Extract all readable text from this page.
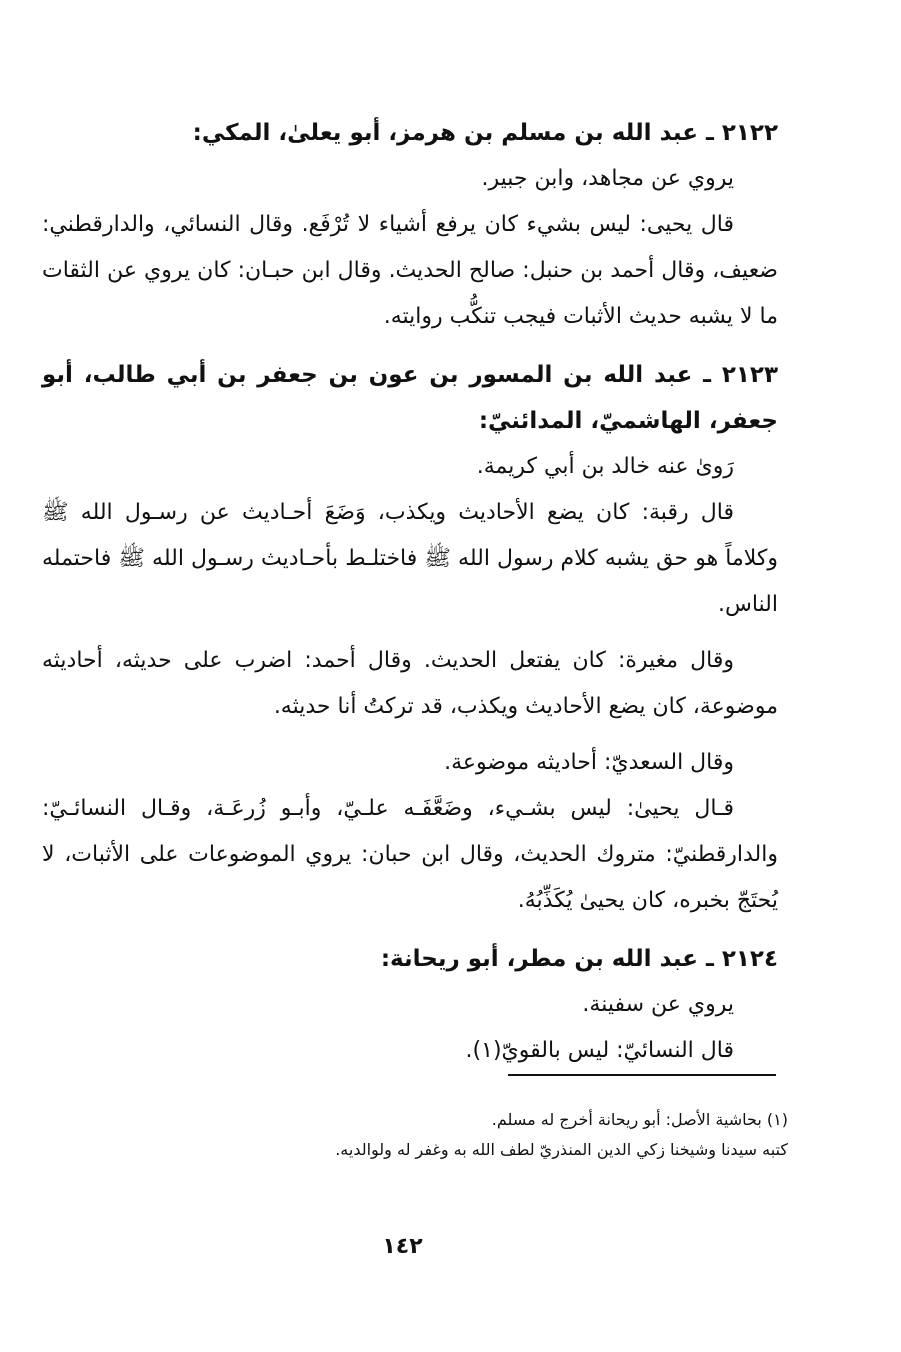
٢١٢٢ ـ عبد الله بن مسلم بن هرمز، أبو يعلىٰ، المكي:

يروي عن مجاهد، وابن جبير.

قال يحيى: ليس بشيء كان يرفع أشياء لا تُرْفَع. وقال النسائي، والدارقطني: ضعيف، وقال أحمد بن حنبل: صالح الحديث. وقال ابن حبـان: كان يروي عن الثقات ما لا يشبه حديث الأثبات فيجب تنكُّب روايته.

٢١٢٣ ـ عبد الله بن المسور بن عون بن جعفر بن أبي طالب، أبو جعفر، الهاشميّ، المدائنيّ:

رَوىٰ عنه خالد بن أبي كريمة.

قال رقبة: كان يضع الأحاديث ويكذب، وَضَعَ أحـاديث عن رسـول الله ﷺ وكلاماً هو حق يشبه كلام رسول الله ﷺ فاختلـط بأحـاديث رسـول الله ﷺ فاحتمله الناس.

وقال مغيرة: كان يفتعل الحديث. وقال أحمد: اضرب على حديثه، أحاديثه موضوعة، كان يضع الأحاديث ويكذب، قد تركتُ أنا حديثه.

وقال السعديّ: أحاديثه موضوعة.

قـال يحيىٰ: ليس بشـيء، وضَعَّفَـه علـيّ، وأبـو زُرعَـة، وقـال النسائـيّ: والدارقطنيّ: متروك الحديث، وقال ابن حبان: يروي الموضوعات على الأثبات، لا يُحتَجّ بخبره، كان يحيىٰ يُكَذِّبُهُ.

٢١٢٤ ـ عبد الله بن مطر، أبو ريحانة:

يروي عن سفينة.

قال النسائيّ: ليس بالقويّ(١).

(١) بحاشية الأصل: أبو ريحانة أخرج له مسلم.

كتبه سيدنا وشيخنا زكي الدين المنذريّ لطف الله به وغفر له ولوالديه.

١٤٢
